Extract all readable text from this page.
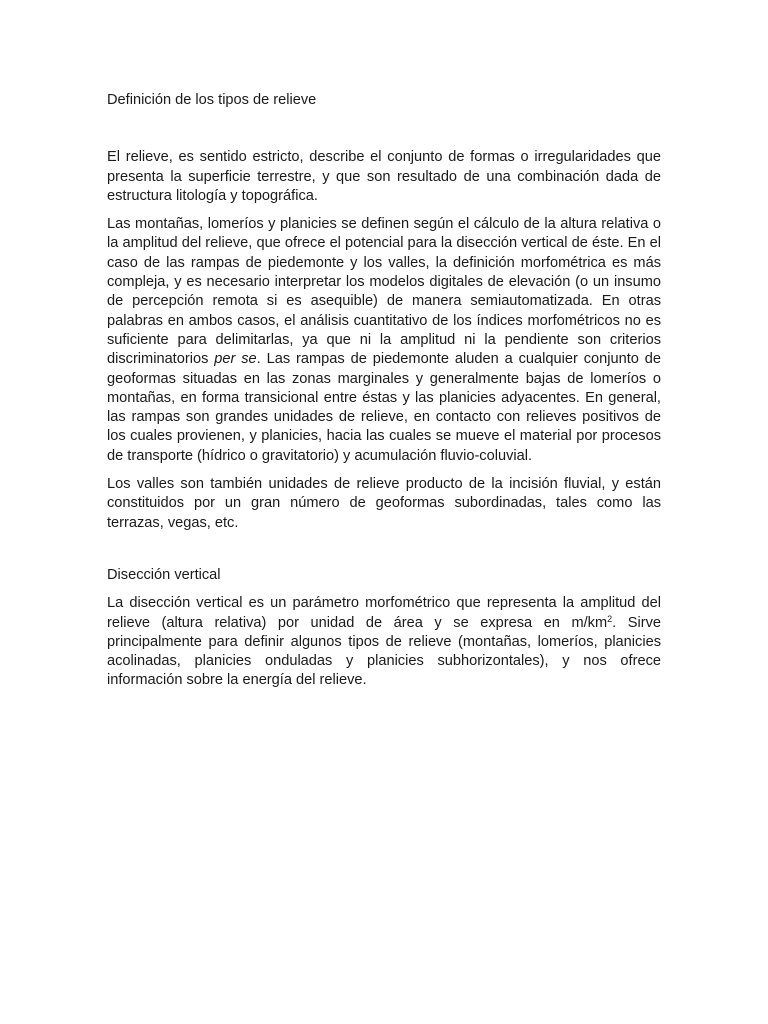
Definición de los tipos de relieve

El relieve, es sentido estricto, describe el conjunto de formas o irregularidades que presenta la superficie terrestre, y que son resultado de una combinación dada de estructura litología y topográfica.

Las montañas, lomeríos y planicies se definen según el cálculo de la altura relativa o la amplitud del relieve, que ofrece el potencial para la disección vertical de éste. En el caso de las rampas de piedemonte y los valles, la definición morfométrica es más compleja, y es necesario interpretar los modelos digitales de elevación (o un insumo de percepción remota si es asequible) de manera semiautomatizada. En otras palabras en ambos casos, el análisis cuantitativo de los índices morfométricos no es suficiente para delimitarlas, ya que ni la amplitud ni la pendiente son criterios discriminatorios per se. Las rampas de piedemonte aluden a cualquier conjunto de geoformas situadas en las zonas marginales y generalmente bajas de lomeríos o montañas, en forma transicional entre éstas y las planicies adyacentes. En general, las rampas son grandes unidades de relieve, en contacto con relieves positivos de los cuales provienen, y planicies, hacia las cuales se mueve el material por procesos de transporte (hídrico o gravitatorio) y acumulación fluvio-coluvial.

Los valles son también unidades de relieve producto de la incisión fluvial, y están constituidos por un gran número de geoformas subordinadas, tales como las terrazas, vegas, etc.

Disección vertical

La disección vertical es un parámetro morfométrico que representa la amplitud del relieve (altura relativa) por unidad de área y se expresa en $m/km^2$. Sirve principalmente para definir algunos tipos de relieve (montañas, lomeríos, planicies acolinadas, planicies onduladas y planicies subhorizontales), y nos ofrece información sobre la energía del relieve.
